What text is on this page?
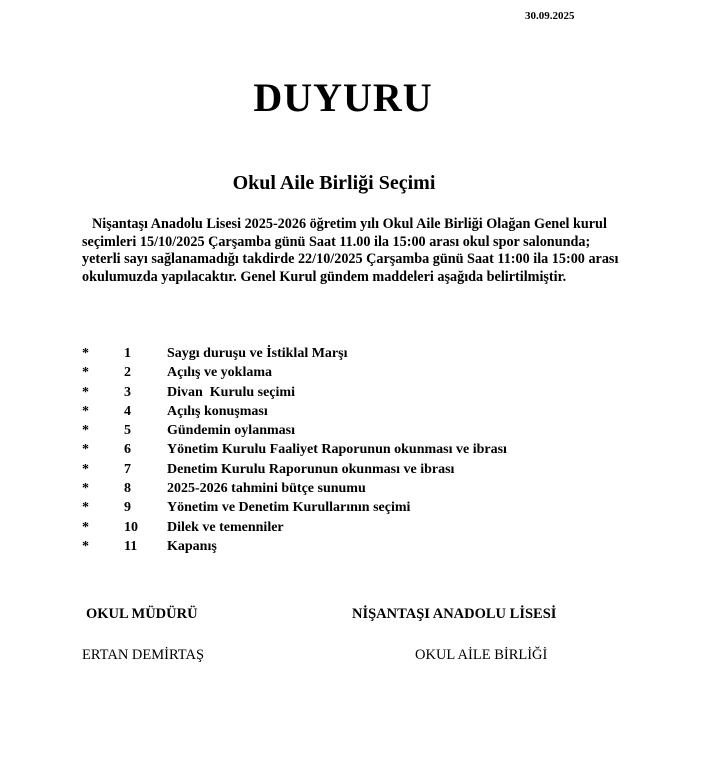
30.09.2025
DUYURU
Okul Aile Birliği Seçimi

Nişantaşı Anadolu Lisesi 2025-2026 öğretim yılı Okul Aile Birliği Olağan Genel kurul seçimleri 15/10/2025 Çarşamba günü Saat 11.00 ila 15:00 arası okul spor salonunda; yeterli sayı sağlanamadığı takdirde 22/10/2025 Çarşamba günü Saat 11:00 ila 15:00 arası okulumuzda yapılacaktır. Genel Kurul gündem maddeleri aşağıda belirtilmiştir.

*	1	Saygı duruşu ve İstiklal Marşı
*	2	Açılış ve yoklama
*	3	Divan  Kurulu seçimi
*	4	Açılış konuşması
*	5	Gündemin oylanması
*	6	Yönetim Kurulu Faaliyet Raporunun okunması ve ibrası
*	7	Denetim Kurulu Raporunun okunması ve ibrası
*	8	2025-2026 tahmini bütçe sunumu
*	9	Yönetim ve Denetim Kurullarının seçimi
*	10	Dilek ve temenniler
*	11	Kapanış
OKUL MÜDÜRÜ	NİŞANTAŞI ANADOLU LİSESİ
ERTAN DEMİRTAŞ	OKUL AİLE BİRLİĞİ
